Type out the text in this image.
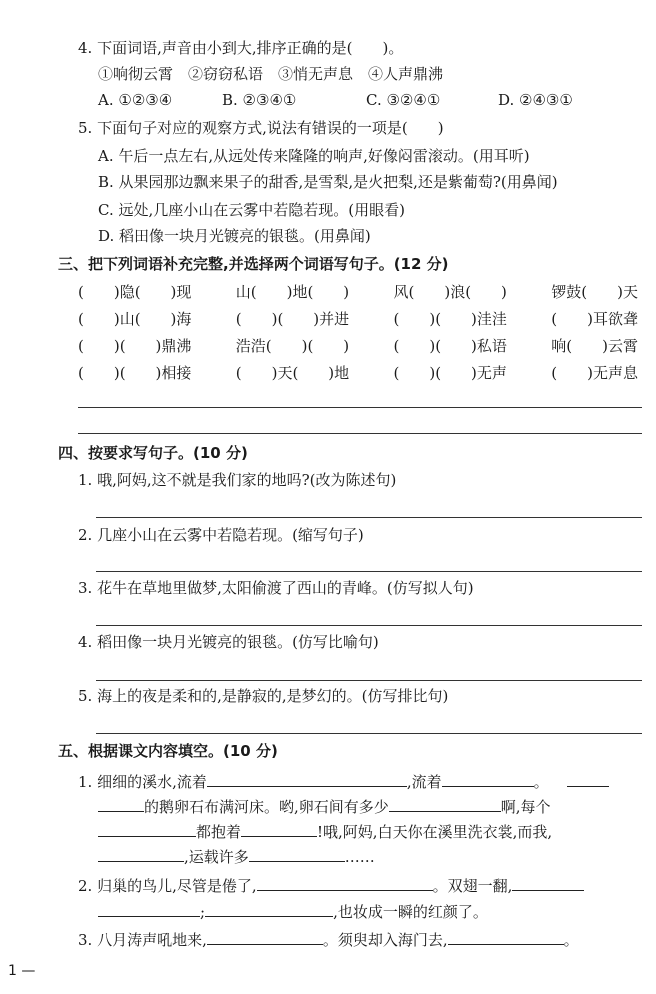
4. 下面词语,声音由小到大,排序正确的是(　　)。
①响彻云霄　②窃窃私语　③悄无声息　④人声鼎沸
A. ①②③④	B. ②③④①	C. ③②④①	D. ②④③①
5. 下面句子对应的观察方式,说法有错误的一项是(　　)
A. 午后一点左右,从远处传来隆隆的响声,好像闷雷滚动。(用耳听)
B. 从果园那边飘来果子的甜香,是雪梨,是火把梨,还是紫葡萄?(用鼻闻)
C. 远处,几座小山在云雾中若隐若现。(用眼看)
D. 稻田像一块月光镀亮的银毯。(用鼻闻)
三、把下列词语补充完整,并选择两个词语写句子。(12 分)
(　　)隐(　　)现	山(　　)地(　　)	风(　　)浪(　　)	锣鼓(　　)天
(　　)山(　　)海	(　　)(　　)并进	(　　)(　　)洼洼	(　　)耳欲聋
(　　)(　　)鼎沸	浩浩(　　)(　　)	(　　)(　　)私语	响(　　)云霄
(　　)(　　)相接	(　　)天(　　)地	(　　)(　　)无声	(　　)无声息
四、按要求写句子。(10 分)
1. 哦,阿妈,这不就是我们家的地吗?(改为陈述句)
2. 几座小山在云雾中若隐若现。(缩写句子)
3. 花牛在草地里做梦,太阳偷渡了西山的青峰。(仿写拟人句)
4. 稻田像一块月光镀亮的银毯。(仿写比喻句)
5. 海上的夜是柔和的,是静寂的,是梦幻的。(仿写排比句)
五、根据课文内容填空。(10 分)
1. 细细的溪水,流着	,流着	。
的鹅卵石布满河床。哟,卵石间有多少	啊,每个
都抱着	!哦,阿妈,白天你在溪里洗衣裳,而我,
,运载许多	……
2. 归巢的鸟儿,尽管是倦了,	。双翅一翻,
;	,也妆成一瞬的红颜了。
3. 八月涛声吼地来,	。须臾却入海门去,	。
1 —
